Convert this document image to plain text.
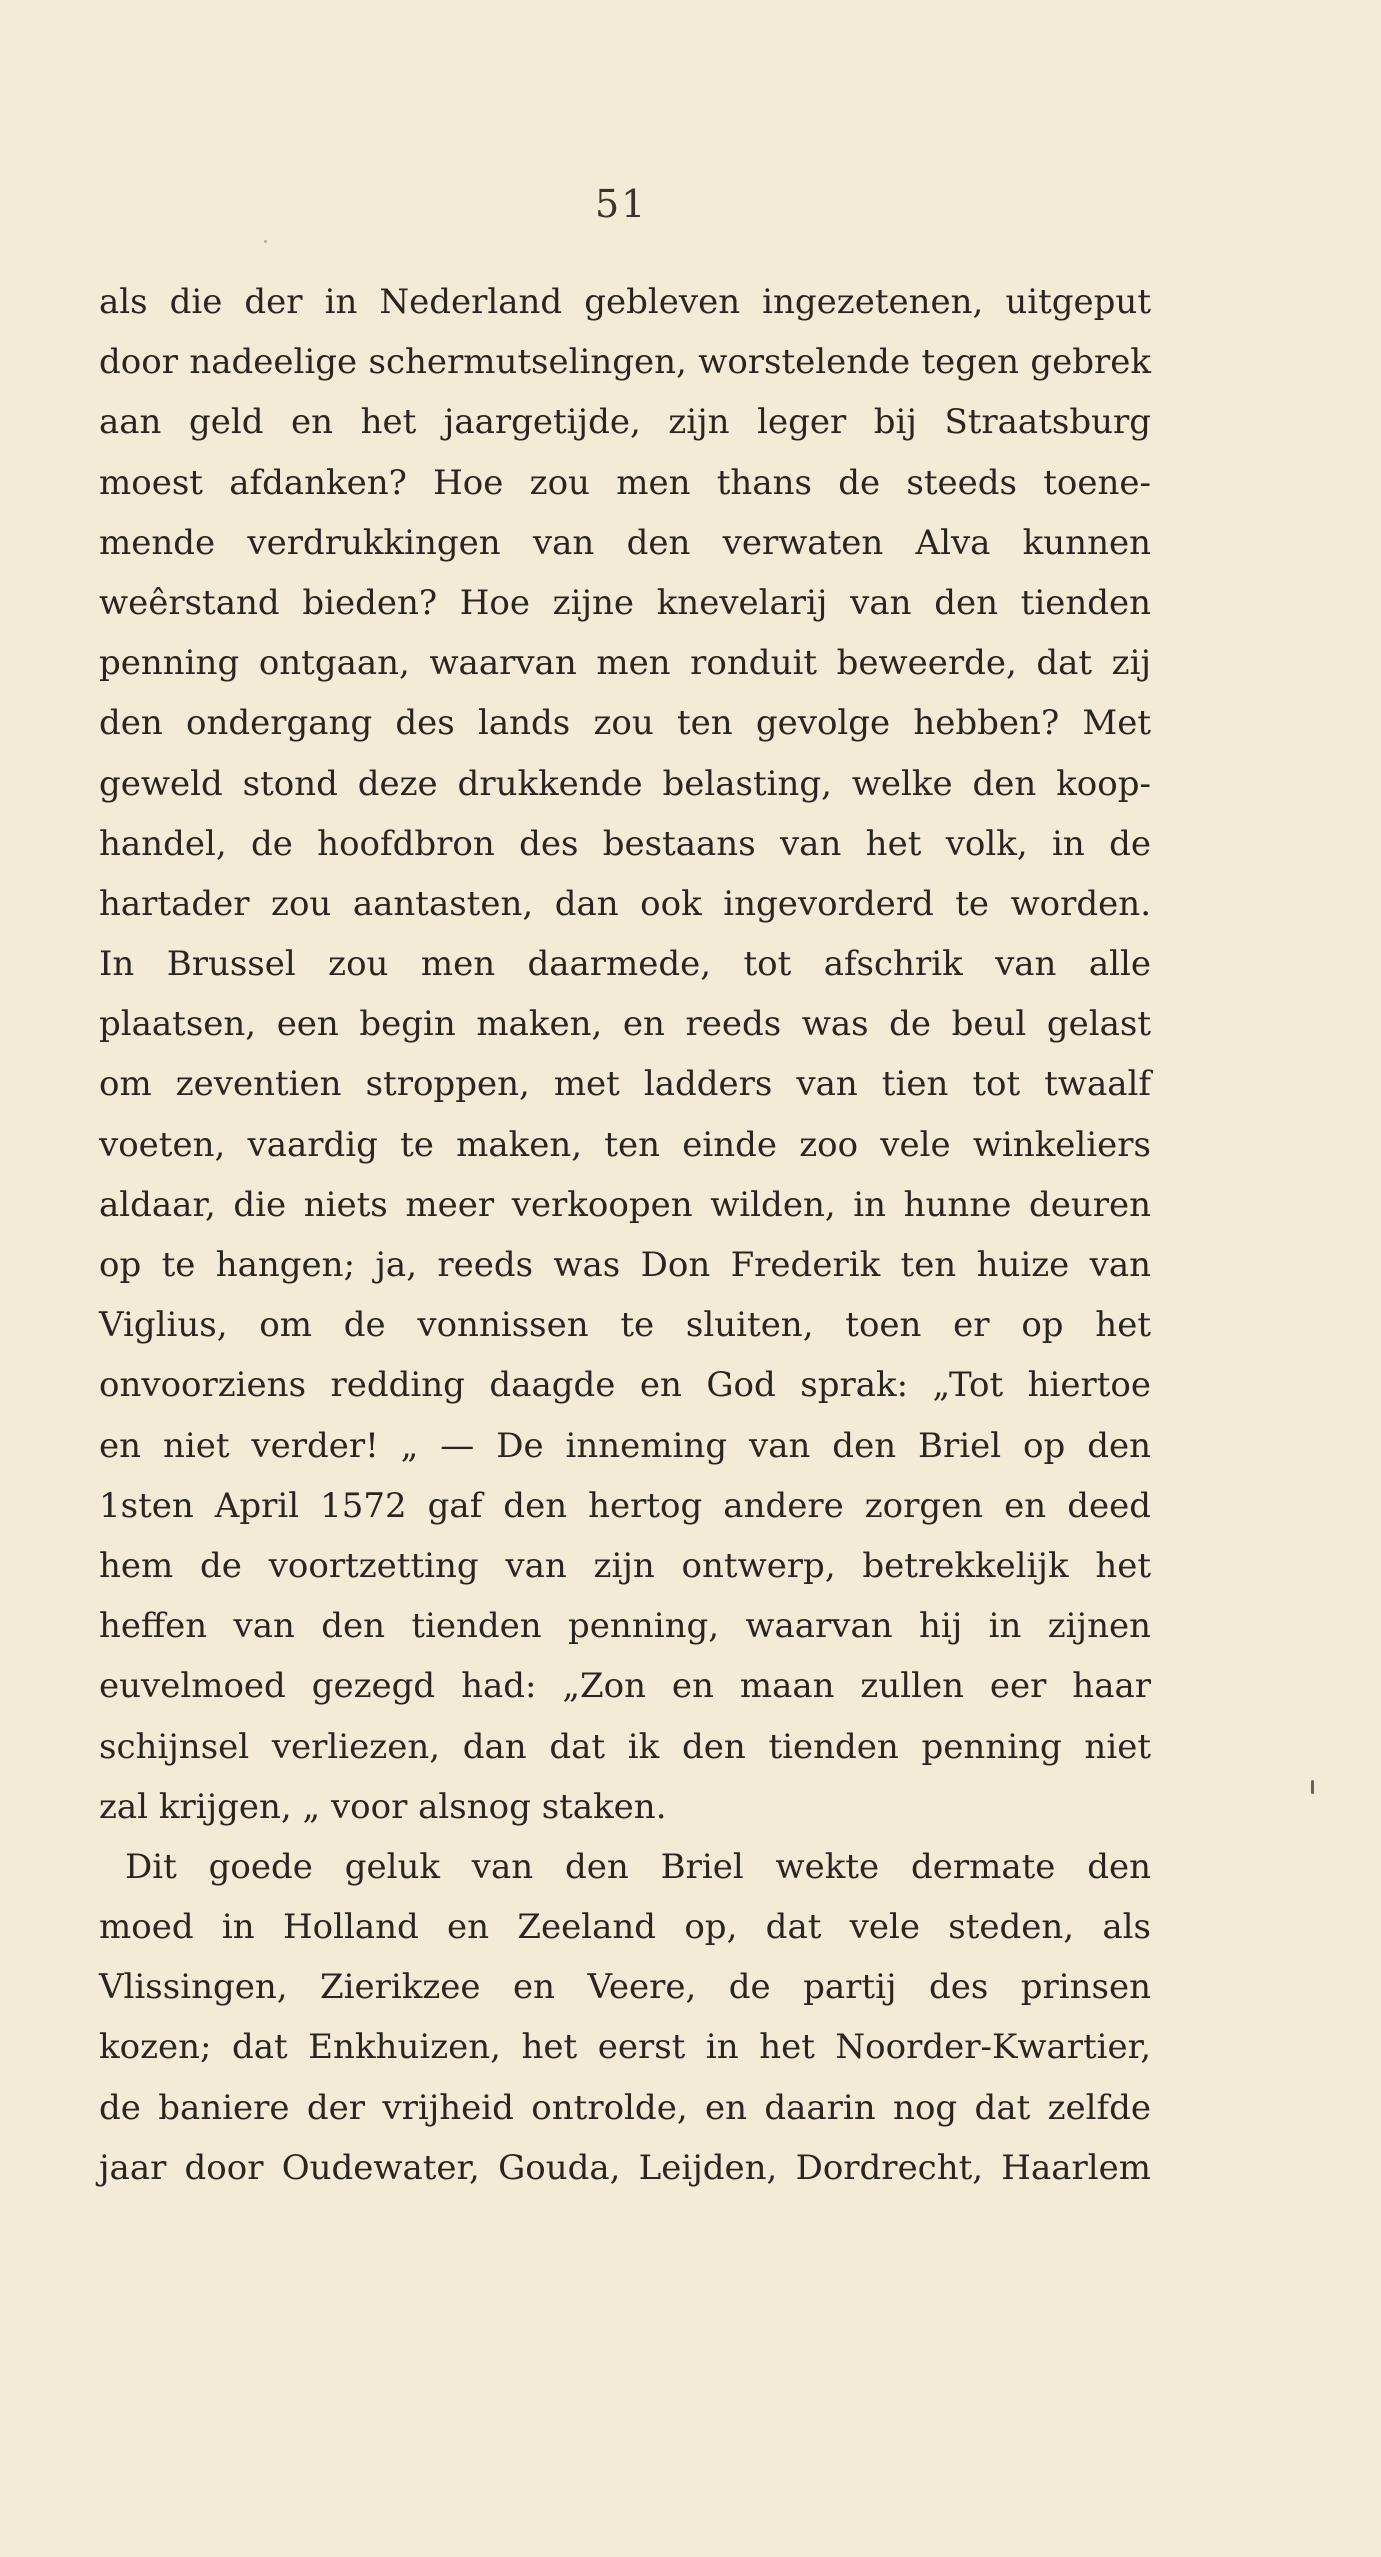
51
als die der in Nederland gebleven ingezetenen, uitgeput
door nadeelige schermutselingen, worstelende tegen gebrek
aan geld en het jaargetijde, zijn leger bij Straatsburg
moest afdanken? Hoe zou men thans de steeds toene-
mende verdrukkingen van den verwaten Alva kunnen
weêrstand bieden? Hoe zijne knevelarij van den tienden
penning ontgaan, waarvan men ronduit beweerde, dat zij
den ondergang des lands zou ten gevolge hebben? Met
geweld stond deze drukkende belasting, welke den koop-
handel, de hoofdbron des bestaans van het volk, in de
hartader zou aantasten, dan ook ingevorderd te worden.
In Brussel zou men daarmede, tot afschrik van alle
plaatsen, een begin maken, en reeds was de beul gelast
om zeventien stroppen, met ladders van tien tot twaalf
voeten, vaardig te maken, ten einde zoo vele winkeliers
aldaar, die niets meer verkoopen wilden, in hunne deuren
op te hangen; ja, reeds was Don Frederik ten huize van
Viglius, om de vonnissen te sluiten, toen er op het
onvoorziens redding daagde en God sprak: „Tot hiertoe
en niet verder! „ — De inneming van den Briel op den
1sten April 1572 gaf den hertog andere zorgen en deed
hem de voortzetting van zijn ontwerp, betrekkelijk het
heffen van den tienden penning, waarvan hij in zijnen
euvelmoed gezegd had: „Zon en maan zullen eer haar
schijnsel verliezen, dan dat ik den tienden penning niet
zal krijgen, „ voor alsnog staken.
Dit goede geluk van den Briel wekte dermate den
moed in Holland en Zeeland op, dat vele steden, als
Vlissingen, Zierikzee en Veere, de partij des prinsen
kozen; dat Enkhuizen, het eerst in het Noorder-Kwartier,
de baniere der vrijheid ontrolde, en daarin nog dat zelfde
jaar door Oudewater, Gouda, Leijden, Dordrecht, Haarlem
